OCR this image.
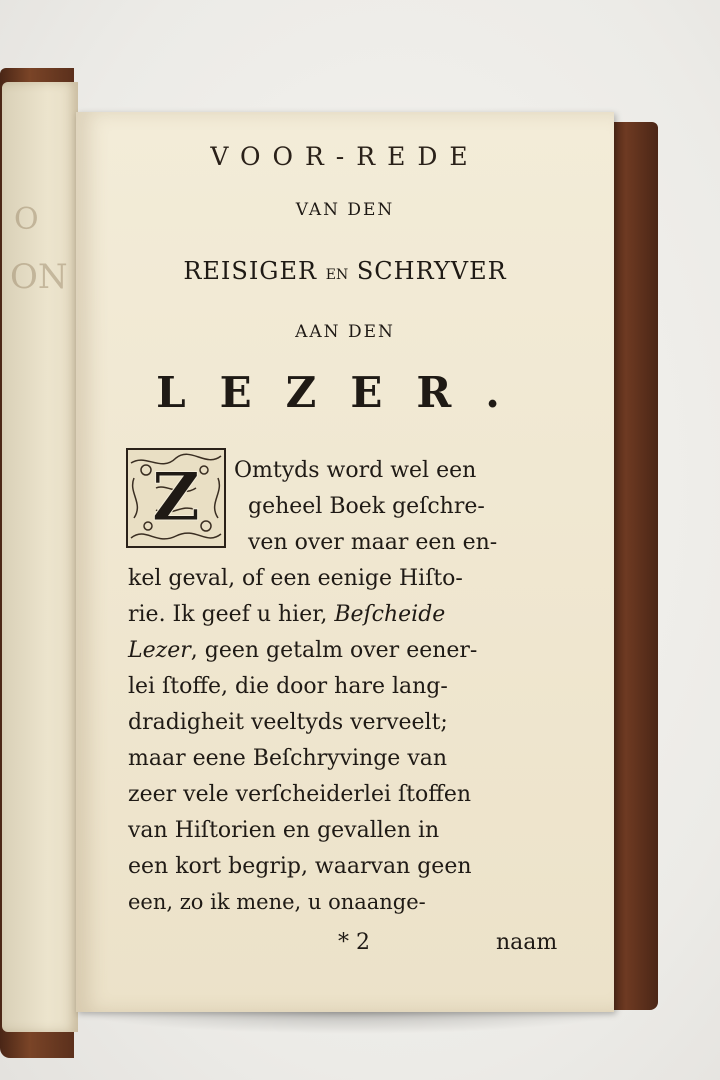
O
ON
VOOR-REDE
VAN DEN
REISIGER EN SCHRYVER
AAN DEN
LEZER.
Z Omtyds word wel een
geheel Boek geſchre-
ven over maar een en-
kel geval, of een eenige Hiſto-
rie. Ik geef u hier, Beſcheide
Lezer, geen getalm over eener-
lei ſtoffe, die door hare lang-
dradigheit veeltyds verveelt;
maar eene Beſchryvinge van
zeer vele verſcheiderlei ſtoffen
van Hiſtorien en gevallen in
een kort begrip, waarvan geen
een, zo ik mene, u onaange-
* 2	naam
